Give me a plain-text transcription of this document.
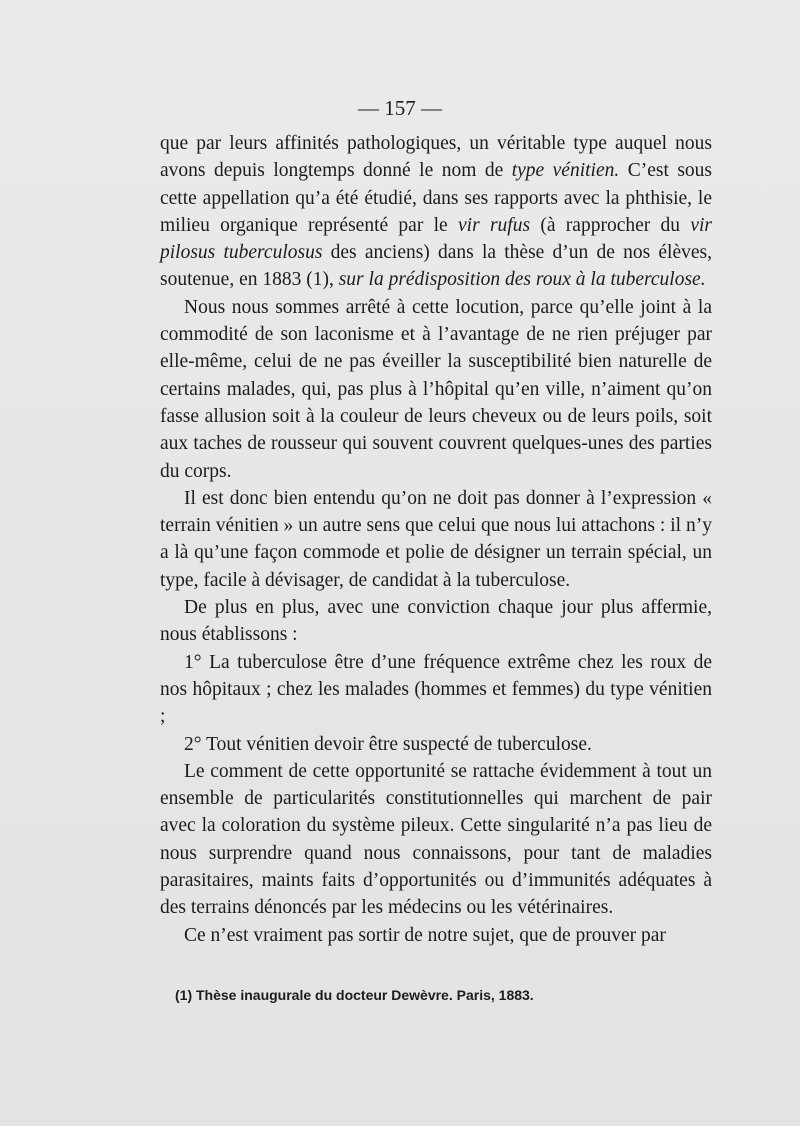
— 157 —

que par leurs affinités pathologiques, un véritable type auquel nous avons depuis longtemps donné le nom de type vénitien. C’est sous cette appellation qu’a été étudié, dans ses rapports avec la phthisie, le milieu organique représenté par le vir rufus (à rapprocher du vir pilosus tuberculosus des anciens) dans la thèse d’un de nos élèves, soutenue, en 1883 (1), sur la prédisposition des roux à la tuberculose.

Nous nous sommes arrêté à cette locution, parce qu’elle joint à la commodité de son laconisme et à l’avantage de ne rien préjuger par elle-même, celui de ne pas éveiller la susceptibilité bien naturelle de certains malades, qui, pas plus à l’hôpital qu’en ville, n’aiment qu’on fasse allusion soit à la couleur de leurs cheveux ou de leurs poils, soit aux taches de rousseur qui souvent couvrent quelques-unes des parties du corps.

Il est donc bien entendu qu’on ne doit pas donner à l’expression « terrain vénitien » un autre sens que celui que nous lui attachons : il n’y a là qu’une façon commode et polie de désigner un terrain spécial, un type, facile à dévisager, de candidat à la tuberculose.

De plus en plus, avec une conviction chaque jour plus affermie, nous établissons :

1° La tuberculose être d’une fréquence extrême chez les roux de nos hôpitaux ; chez les malades (hommes et femmes) du type vénitien ;

2° Tout vénitien devoir être suspecté de tuberculose.

Le comment de cette opportunité se rattache évidemment à tout un ensemble de particularités constitutionnelles qui marchent de pair avec la coloration du système pileux. Cette singularité n’a pas lieu de nous surprendre quand nous connaissons, pour tant de maladies parasitaires, maints faits d’opportunités ou d’immunités adéquates à des terrains dénoncés par les médecins ou les vétérinaires.

Ce n’est vraiment pas sortir de notre sujet, que de prouver par

(1) Thèse inaugurale du docteur Dewèvre. Paris, 1883.
